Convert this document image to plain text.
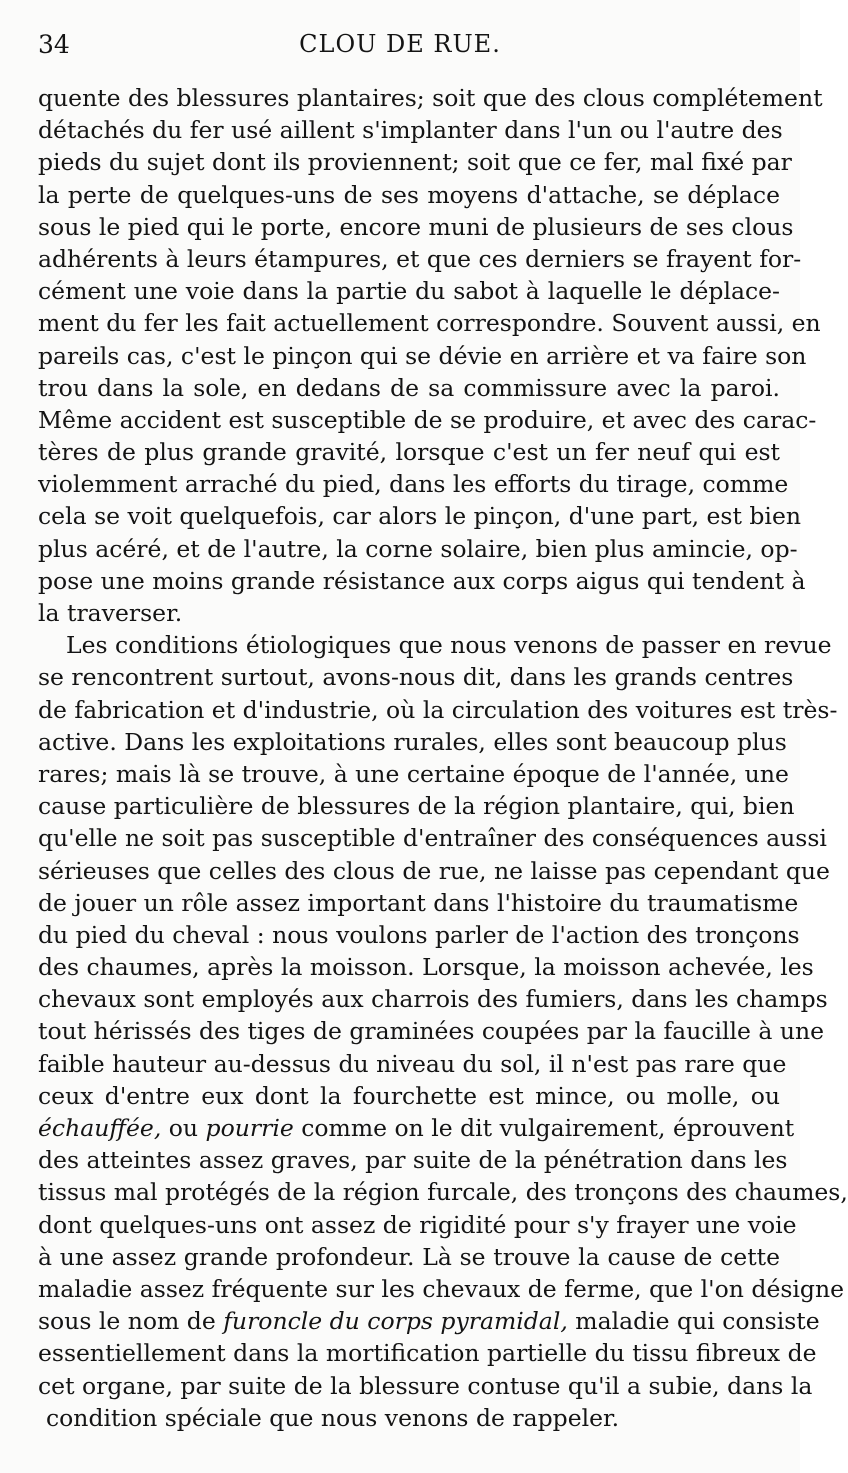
34	CLOU DE RUE.
quente des blessures plantaires; soit que des clous complétement
détachés du fer usé aillent s'implanter dans l'un ou l'autre des
pieds du sujet dont ils proviennent; soit que ce fer, mal fixé par
la perte de quelques-uns de ses moyens d'attache, se déplace
sous le pied qui le porte, encore muni de plusieurs de ses clous
adhérents à leurs étampures, et que ces derniers se frayent for-
cément une voie dans la partie du sabot à laquelle le déplace-
ment du fer les fait actuellement correspondre. Souvent aussi, en
pareils cas, c'est le pinçon qui se dévie en arrière et va faire son
trou dans la sole, en dedans de sa commissure avec la paroi.
Même accident est susceptible de se produire, et avec des carac-
tères de plus grande gravité, lorsque c'est un fer neuf qui est
violemment arraché du pied, dans les efforts du tirage, comme
cela se voit quelquefois, car alors le pinçon, d'une part, est bien
plus acéré, et de l'autre, la corne solaire, bien plus amincie, op-
pose une moins grande résistance aux corps aigus qui tendent à
la traverser.
Les conditions étiologiques que nous venons de passer en revue
se rencontrent surtout, avons-nous dit, dans les grands centres
de fabrication et d'industrie, où la circulation des voitures est très-
active. Dans les exploitations rurales, elles sont beaucoup plus
rares; mais là se trouve, à une certaine époque de l'année, une
cause particulière de blessures de la région plantaire, qui, bien
qu'elle ne soit pas susceptible d'entraîner des conséquences aussi
sérieuses que celles des clous de rue, ne laisse pas cependant que
de jouer un rôle assez important dans l'histoire du traumatisme
du pied du cheval : nous voulons parler de l'action des tronçons
des chaumes, après la moisson. Lorsque, la moisson achevée, les
chevaux sont employés aux charrois des fumiers, dans les champs
tout hérissés des tiges de graminées coupées par la faucille à une
faible hauteur au-dessus du niveau du sol, il n'est pas rare que
ceux d'entre eux dont la fourchette est mince, ou molle, ou
échauffée, ou pourrie comme on le dit vulgairement, éprouvent
des atteintes assez graves, par suite de la pénétration dans les
tissus mal protégés de la région furcale, des tronçons des chaumes,
dont quelques-uns ont assez de rigidité pour s'y frayer une voie
à une assez grande profondeur. Là se trouve la cause de cette
maladie assez fréquente sur les chevaux de ferme, que l'on désigne
sous le nom de furoncle du corps pyramidal, maladie qui consiste
essentiellement dans la mortification partielle du tissu fibreux de
cet organe, par suite de la blessure contuse qu'il a subie, dans la
condition spéciale que nous venons de rappeler.
